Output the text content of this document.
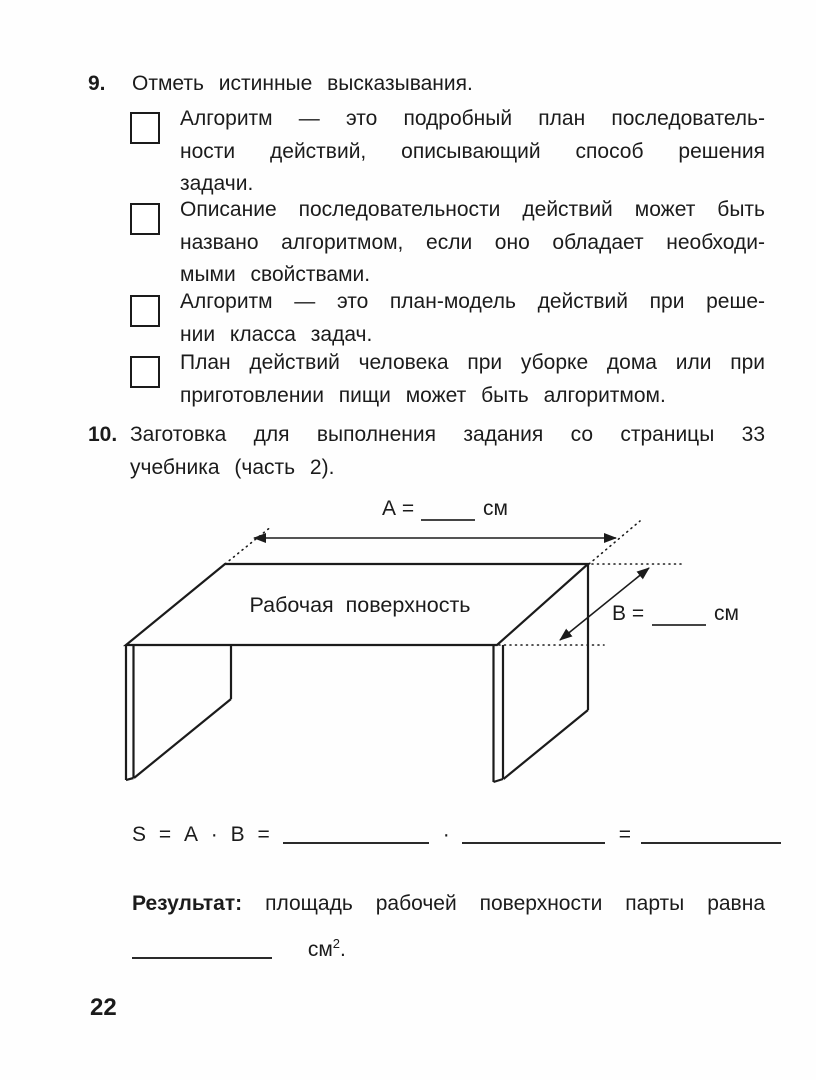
9.	Отметь истинные высказывания.
Алгоритм — это подробный план последователь-
ности действий, описывающий способ решения
задачи.
Описание последовательности действий может быть
названо алгоритмом, если оно обладает необходи-
мыми свойствами.
Алгоритм — это план-модель действий при реше-
нии класса задач.
План действий человека при уборке дома или при
приготовлении пищи может быть алгоритмом.
10. Заготовка для выполнения задания со страницы 33
учебника (часть 2).
А =	см
В =	см
Рабочая поверхность
S = А · В =	·	=
Результат: площадь рабочей поверхности парты равна
$см^2$.
22
